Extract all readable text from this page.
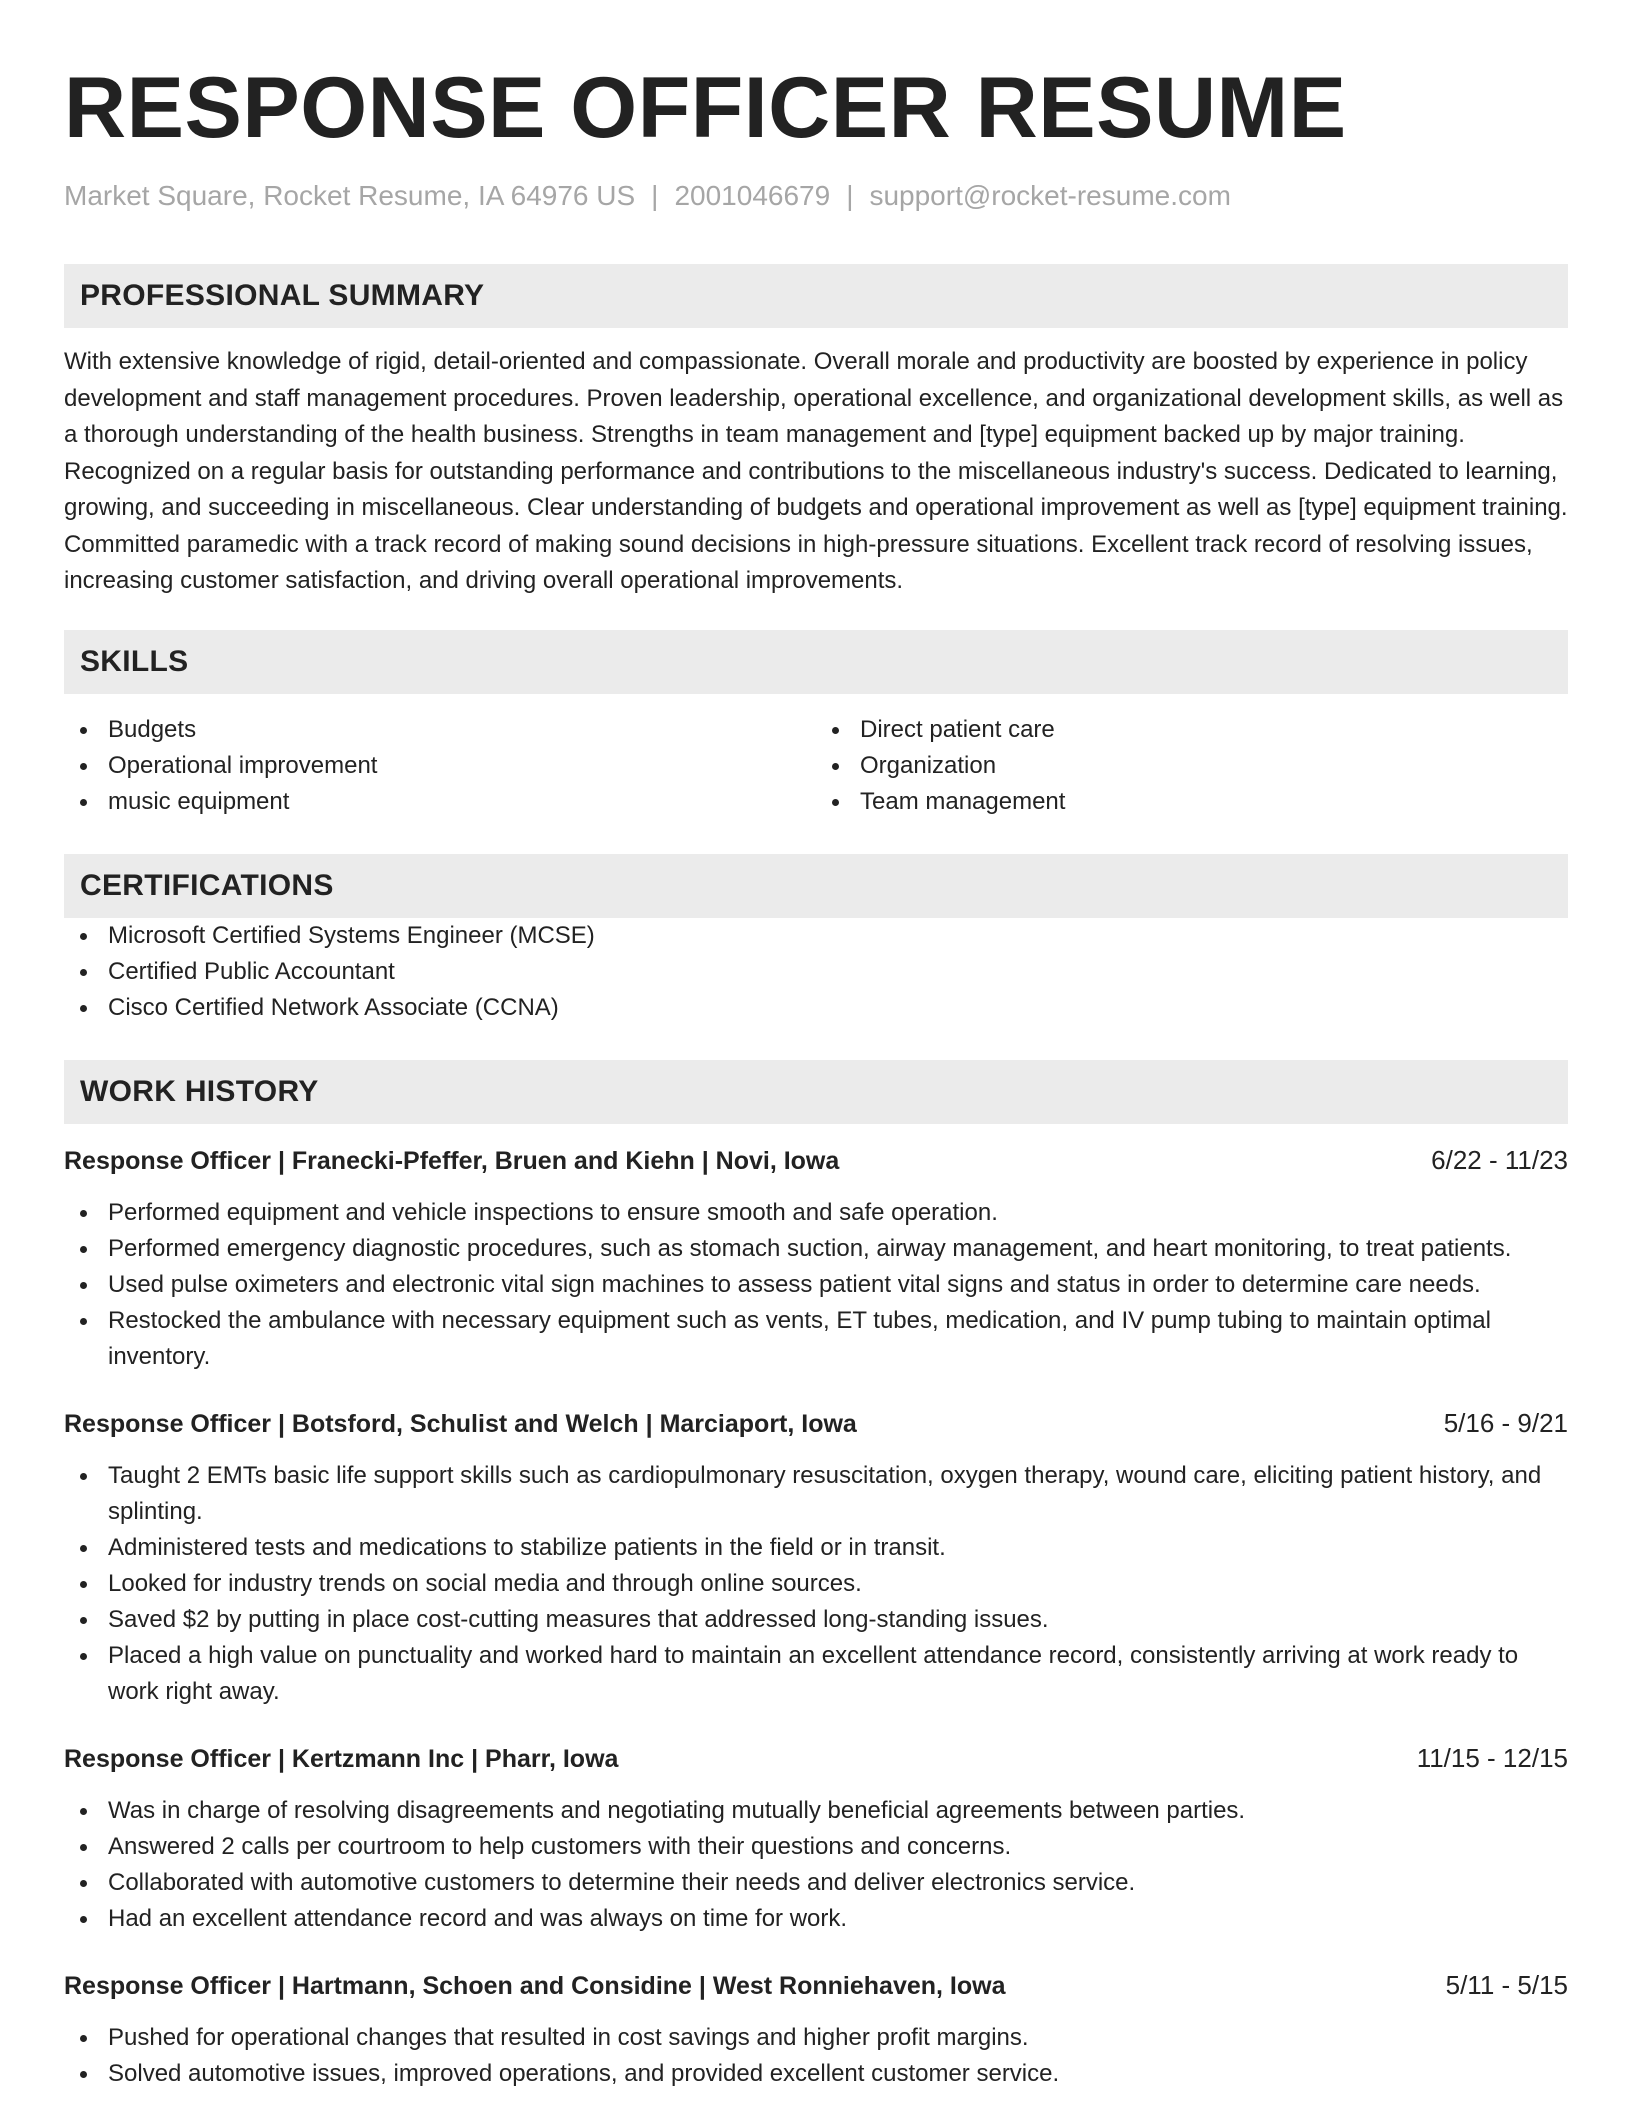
RESPONSE OFFICER RESUME
Market Square, Rocket Resume, IA 64976 US | 2001046679 | support@rocket-resume.com
PROFESSIONAL SUMMARY
With extensive knowledge of rigid, detail-oriented and compassionate. Overall morale and productivity are boosted by experience in policy development and staff management procedures. Proven leadership, operational excellence, and organizational development skills, as well as a thorough understanding of the health business. Strengths in team management and [type] equipment backed up by major training. Recognized on a regular basis for outstanding performance and contributions to the miscellaneous industry's success. Dedicated to learning, growing, and succeeding in miscellaneous. Clear understanding of budgets and operational improvement as well as [type] equipment training. Committed paramedic with a track record of making sound decisions in high-pressure situations. Excellent track record of resolving issues, increasing customer satisfaction, and driving overall operational improvements.
SKILLS
Budgets
Operational improvement
music equipment
Direct patient care
Organization
Team management
CERTIFICATIONS
Microsoft Certified Systems Engineer (MCSE)
Certified Public Accountant
Cisco Certified Network Associate (CCNA)
WORK HISTORY
Response Officer | Franecki-Pfeffer, Bruen and Kiehn | Novi, Iowa	6/22 - 11/23
Performed equipment and vehicle inspections to ensure smooth and safe operation.
Performed emergency diagnostic procedures, such as stomach suction, airway management, and heart monitoring, to treat patients.
Used pulse oximeters and electronic vital sign machines to assess patient vital signs and status in order to determine care needs.
Restocked the ambulance with necessary equipment such as vents, ET tubes, medication, and IV pump tubing to maintain optimal inventory.
Response Officer | Botsford, Schulist and Welch | Marciaport, Iowa	5/16 - 9/21
Taught 2 EMTs basic life support skills such as cardiopulmonary resuscitation, oxygen therapy, wound care, eliciting patient history, and splinting.
Administered tests and medications to stabilize patients in the field or in transit.
Looked for industry trends on social media and through online sources.
Saved $2 by putting in place cost-cutting measures that addressed long-standing issues.
Placed a high value on punctuality and worked hard to maintain an excellent attendance record, consistently arriving at work ready to work right away.
Response Officer | Kertzmann Inc | Pharr, Iowa	11/15 - 12/15
Was in charge of resolving disagreements and negotiating mutually beneficial agreements between parties.
Answered 2 calls per courtroom to help customers with their questions and concerns.
Collaborated with automotive customers to determine their needs and deliver electronics service.
Had an excellent attendance record and was always on time for work.
Response Officer | Hartmann, Schoen and Considine | West Ronniehaven, Iowa	5/11 - 5/15
Pushed for operational changes that resulted in cost savings and higher profit margins.
Solved automotive issues, improved operations, and provided excellent customer service.
